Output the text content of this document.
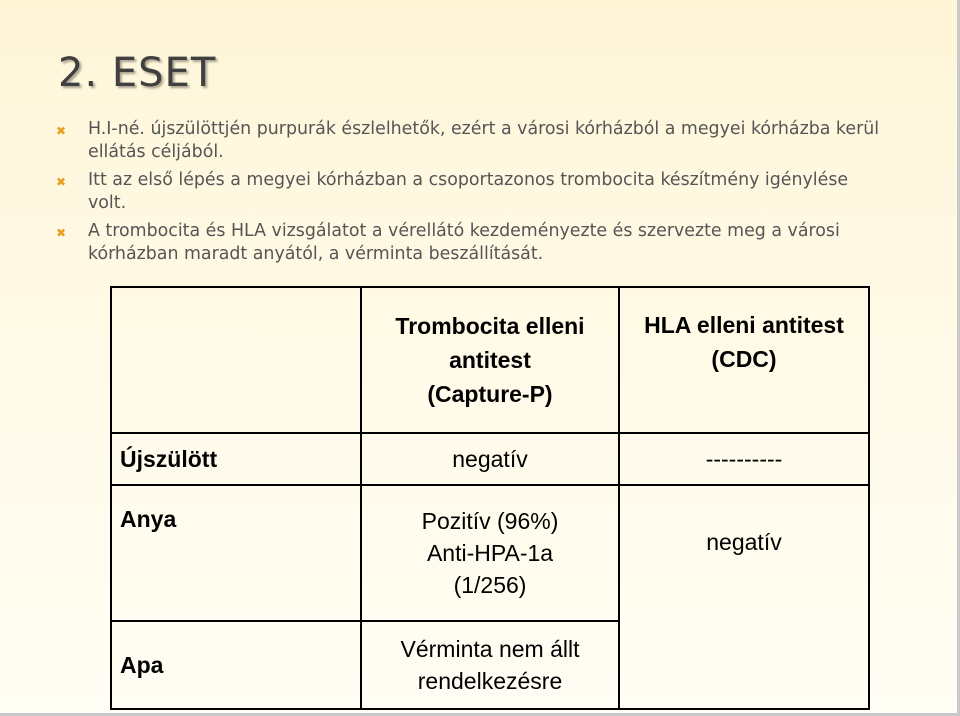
2. ESET
✖ H.I-né. újszülöttjén purpurák észlelhetők, ezért a városi kórházból a megyei kórházba kerül ellátás céljából.
✖ Itt az első lépés a megyei kórházban a csoportazonos trombocita készítmény igénylése volt.
✖ A trombocita és HLA vizsgálatot a vérellátó kezdeményezte és szervezte meg a városi kórházban maradt anyától, a vérminta beszállítását.

	Trombocita elleni
antitest
(Capture-P)	HLA elleni antitest
(CDC)

Újszülött	negatív	----------
Anya	Pozitív (96%)
Anti-HPA-1a
(1/256)	negatív
Apa	Vérminta nem állt
rendelkezésre	
